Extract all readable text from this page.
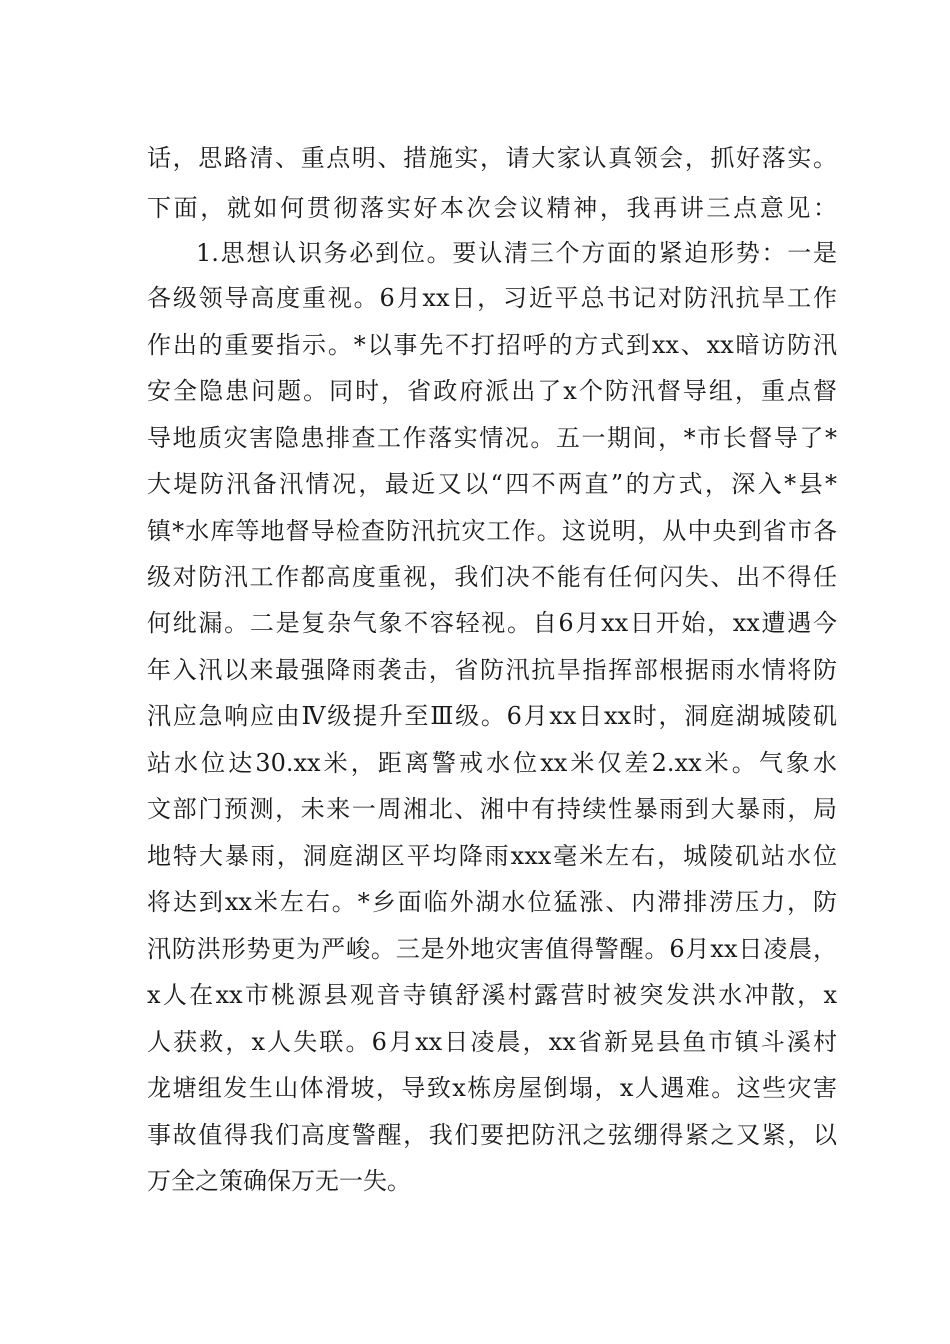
话，思路清、重点明、措施实，请大家认真领会，抓好落实。
下面，就如何贯彻落实好本次会议精神，我再讲三点意见：
1.思想认识务必到位。要认清三个方面的紧迫形势：一是
各级领导高度重视。6月xx日，习近平总书记对防汛抗旱工作
作出的重要指示。*以事先不打招呼的方式到xx、xx暗访防汛
安全隐患问题。同时，省政府派出了x个防汛督导组，重点督
导地质灾害隐患排查工作落实情况。五一期间，*市长督导了*
大堤防汛备汛情况，最近又以“四不两直”的方式，深入*县*
镇*水库等地督导检查防汛抗灾工作。这说明，从中央到省市各
级对防汛工作都高度重视，我们决不能有任何闪失、出不得任
何纰漏。二是复杂气象不容轻视。自6月xx日开始，xx遭遇今
年入汛以来最强降雨袭击，省防汛抗旱指挥部根据雨水情将防
汛应急响应由Ⅳ级提升至Ⅲ级。6月xx日xx时，洞庭湖城陵矶
站水位达30.xx米，距离警戒水位xx米仅差2.xx米。气象水
文部门预测，未来一周湘北、湘中有持续性暴雨到大暴雨，局
地特大暴雨，洞庭湖区平均降雨xxx毫米左右，城陵矶站水位
将达到xx米左右。*乡面临外湖水位猛涨、内滞排涝压力，防
汛防洪形势更为严峻。三是外地灾害值得警醒。6月xx日凌晨，
x人在xx市桃源县观音寺镇舒溪村露营时被突发洪水冲散，x
人获救，x人失联。6月xx日凌晨，xx省新晃县鱼市镇斗溪村
龙塘组发生山体滑坡，导致x栋房屋倒塌，x人遇难。这些灾害
事故值得我们高度警醒，我们要把防汛之弦绷得紧之又紧，以
万全之策确保万无一失。
